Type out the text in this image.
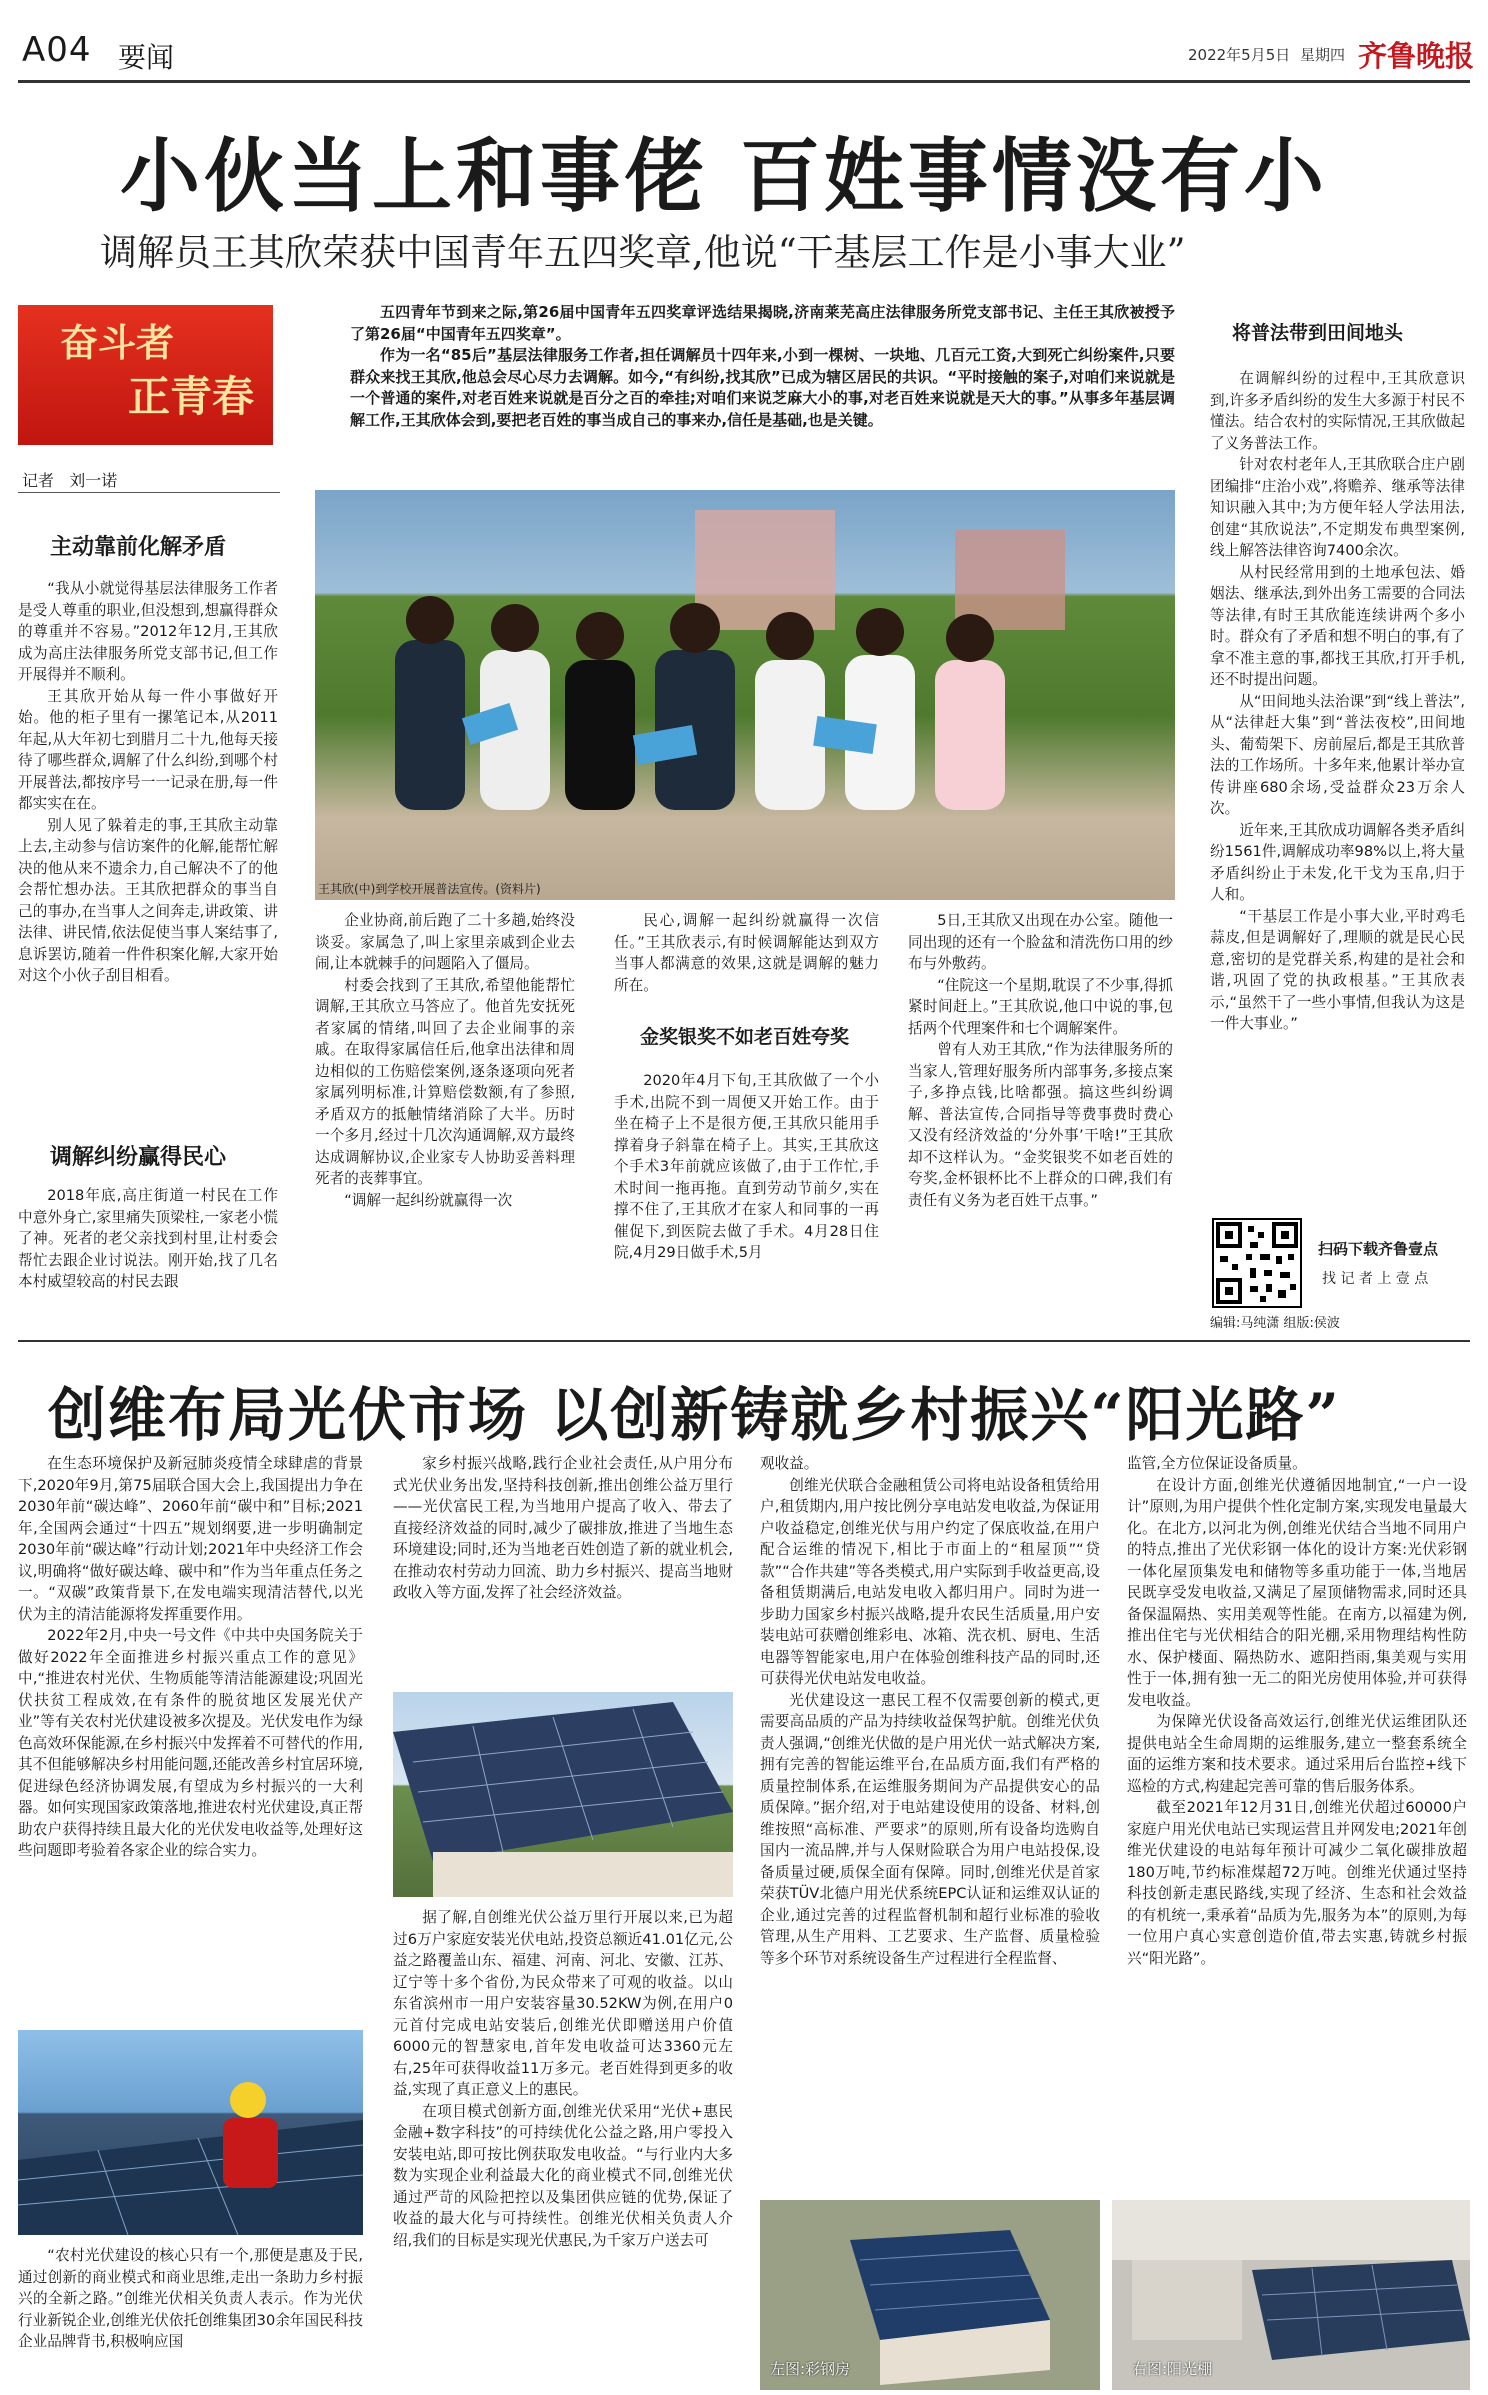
A04 要闻	2022年5月5日 星期四 齐鲁晚报
小伙当上和事佬 百姓事情没有小
调解员王其欣荣获中国青年五四奖章,他说“干基层工作是小事大业”
奋斗者
正青春
记者 刘一诺

五四青年节到来之际,第26届中国青年五四奖章评选结果揭晓,济南莱芜高庄法律服务所党支部书记、主任王其欣被授予了第26届“中国青年五四奖章”。

作为一名“85后”基层法律服务工作者,担任调解员十四年来,小到一棵树、一块地、几百元工资,大到死亡纠纷案件,只要群众来找王其欣,他总会尽心尽力去调解。如今,“有纠纷,找其欣”已成为辖区居民的共识。“平时接触的案子,对咱们来说就是一个普通的案件,对老百姓来说就是百分之百的牵挂;对咱们来说芝麻大小的事,对老百姓来说就是天大的事。”从事多年基层调解工作,王其欣体会到,要把老百姓的事当成自己的事来办,信任是基础,也是关键。

王其欣(中)到学校开展普法宣传。(资料片)
主动靠前化解矛盾

“我从小就觉得基层法律服务工作者是受人尊重的职业,但没想到,想赢得群众的尊重并不容易。”2012年12月,王其欣成为高庄法律服务所党支部书记,但工作开展得并不顺利。

王其欣开始从每一件小事做好开始。他的柜子里有一摞笔记本,从2011年起,从大年初七到腊月二十九,他每天接待了哪些群众,调解了什么纠纷,到哪个村开展普法,都按序号一一记录在册,每一件都实实在在。

别人见了躲着走的事,王其欣主动靠上去,主动参与信访案件的化解,能帮忙解决的他从来不遗余力,自己解决不了的他会帮忙想办法。王其欣把群众的事当自己的事办,在当事人之间奔走,讲政策、讲法律、讲民情,依法促使当事人案结事了,息诉罢访,随着一件件积案化解,大家开始对这个小伙子刮目相看。

调解纠纷赢得民心

2018年底,高庄街道一村民在工作中意外身亡,家里痛失顶梁柱,一家老小慌了神。死者的老父亲找到村里,让村委会帮忙去跟企业讨说法。刚开始,找了几名本村威望较高的村民去跟

企业协商,前后跑了二十多趟,始终没谈妥。家属急了,叫上家里亲戚到企业去闹,让本就棘手的问题陷入了僵局。

村委会找到了王其欣,希望他能帮忙调解,王其欣立马答应了。他首先安抚死者家属的情绪,叫回了去企业闹事的亲戚。在取得家属信任后,他拿出法律和周边相似的工伤赔偿案例,逐条逐项向死者家属列明标准,计算赔偿数额,有了参照,矛盾双方的抵触情绪消除了大半。历时一个多月,经过十几次沟通调解,双方最终达成调解协议,企业家专人协助妥善料理死者的丧葬事宜。

“调解一起纠纷就赢得一次

民心,调解一起纠纷就赢得一次信任。”王其欣表示,有时候调解能达到双方当事人都满意的效果,这就是调解的魅力所在。

金奖银奖不如老百姓夸奖

2020年4月下旬,王其欣做了一个小手术,出院不到一周便又开始工作。由于坐在椅子上不是很方便,王其欣只能用手撑着身子斜靠在椅子上。其实,王其欣这个手术3年前就应该做了,由于工作忙,手术时间一拖再拖。直到劳动节前夕,实在撑不住了,王其欣才在家人和同事的一再催促下,到医院去做了手术。4月28日住院,4月29日做手术,5月

5日,王其欣又出现在办公室。随他一同出现的还有一个脸盆和清洗伤口用的纱布与外敷药。

“住院这一个星期,耽误了不少事,得抓紧时间赶上。”王其欣说,他口中说的事,包括两个代理案件和七个调解案件。

曾有人劝王其欣,“作为法律服务所的当家人,管理好服务所内部事务,多接点案子,多挣点钱,比啥都强。搞这些纠纷调解、普法宣传,合同指导等费事费时费心又没有经济效益的‘分外事’干啥!”王其欣却不这样认为。“金奖银奖不如老百姓的夸奖,金杯银杯比不上群众的口碑,我们有责任有义务为老百姓干点事。”

将普法带到田间地头

在调解纠纷的过程中,王其欣意识到,许多矛盾纠纷的发生大多源于村民不懂法。结合农村的实际情况,王其欣做起了义务普法工作。

针对农村老年人,王其欣联合庄户剧团编排“庄治小戏”,将赡养、继承等法律知识融入其中;为方便年轻人学法用法,创建“其欣说法”,不定期发布典型案例,线上解答法律咨询7400余次。

从村民经常用到的土地承包法、婚姻法、继承法,到外出务工需要的合同法等法律,有时王其欣能连续讲两个多小时。群众有了矛盾和想不明白的事,有了拿不准主意的事,都找王其欣,打开手机,还不时提出问题。

从“田间地头法治课”到“线上普法”,从“法律赶大集”到“普法夜校”,田间地头、葡萄架下、房前屋后,都是王其欣普法的工作场所。十多年来,他累计举办宣传讲座680余场,受益群众23万余人次。

近年来,王其欣成功调解各类矛盾纠纷1561件,调解成功率98%以上,将大量矛盾纠纷止于未发,化干戈为玉帛,归于人和。

“干基层工作是小事大业,平时鸡毛蒜皮,但是调解好了,理顺的就是民心民意,密切的是党群关系,构建的是社会和谐,巩固了党的执政根基。”王其欣表示,“虽然干了一些小事情,但我认为这是一件大事业。”

扫码下载齐鲁壹点
找 记 者 上 壹 点
编辑:马纯潇 组版:侯波
创维布局光伏市场 以创新铸就乡村振兴“阳光路”

在生态环境保护及新冠肺炎疫情全球肆虐的背景下,2020年9月,第75届联合国大会上,我国提出力争在2030年前“碳达峰”、2060年前“碳中和”目标;2021年,全国两会通过“十四五”规划纲要,进一步明确制定2030年前“碳达峰”行动计划;2021年中央经济工作会议,明确将“做好碳达峰、碳中和”作为当年重点任务之一。“双碳”政策背景下,在发电端实现清洁替代,以光伏为主的清洁能源将发挥重要作用。

2022年2月,中央一号文件《中共中央国务院关于做好2022年全面推进乡村振兴重点工作的意见》中,“推进农村光伏、生物质能等清洁能源建设;巩固光伏扶贫工程成效,在有条件的脱贫地区发展光伏产业”等有关农村光伏建设被多次提及。光伏发电作为绿色高效环保能源,在乡村振兴中发挥着不可替代的作用,其不但能够解决乡村用能问题,还能改善乡村宜居环境,促进绿色经济协调发展,有望成为乡村振兴的一大利器。如何实现国家政策落地,推进农村光伏建设,真正帮助农户获得持续且最大化的光伏发电收益等,处理好这些问题即考验着各家企业的综合实力。

“农村光伏建设的核心只有一个,那便是惠及于民,通过创新的商业模式和商业思维,走出一条助力乡村振兴的全新之路。”创维光伏相关负责人表示。作为光伏行业新锐企业,创维光伏依托创维集团30余年国民科技企业品牌背书,积极响应国

家乡村振兴战略,践行企业社会责任,从户用分布式光伏业务出发,坚持科技创新,推出创维公益万里行——光伏富民工程,为当地用户提高了收入、带去了直接经济效益的同时,减少了碳排放,推进了当地生态环境建设;同时,还为当地老百姓创造了新的就业机会,在推动农村劳动力回流、助力乡村振兴、提高当地财政收入等方面,发挥了社会经济效益。

据了解,自创维光伏公益万里行开展以来,已为超过6万户家庭安装光伏电站,投资总额近41.01亿元,公益之路覆盖山东、福建、河南、河北、安徽、江苏、辽宁等十多个省份,为民众带来了可观的收益。以山东省滨州市一用户安装容量30.52KW为例,在用户0元首付完成电站安装后,创维光伏即赠送用户价值6000元的智慧家电,首年发电收益可达3360元左右,25年可获得收益11万多元。老百姓得到更多的收益,实现了真正意义上的惠民。

在项目模式创新方面,创维光伏采用“光伏+惠民金融+数字科技”的可持续优化公益之路,用户零投入安装电站,即可按比例获取发电收益。“与行业内大多数为实现企业利益最大化的商业模式不同,创维光伏通过严苛的风险把控以及集团供应链的优势,保证了收益的最大化与可持续性。创维光伏相关负责人介绍,我们的目标是实现光伏惠民,为千家万户送去可

观收益。

创维光伏联合金融租赁公司将电站设备租赁给用户,租赁期内,用户按比例分享电站发电收益,为保证用户收益稳定,创维光伏与用户约定了保底收益,在用户配合运维的情况下,相比于市面上的“租屋顶”“贷款”“合作共建”等各类模式,用户实际到手收益更高,设备租赁期满后,电站发电收入都归用户。同时为进一步助力国家乡村振兴战略,提升农民生活质量,用户安装电站可获赠创维彩电、冰箱、洗衣机、厨电、生活电器等智能家电,用户在体验创维科技产品的同时,还可获得光伏电站发电收益。

光伏建设这一惠民工程不仅需要创新的模式,更需要高品质的产品为持续收益保驾护航。创维光伏负责人强调,“创维光伏做的是户用光伏一站式解决方案,拥有完善的智能运维平台,在品质方面,我们有严格的质量控制体系,在运维服务期间为产品提供安心的品质保障。”据介绍,对于电站建设使用的设备、材料,创维按照“高标准、严要求”的原则,所有设备均选购自国内一流品牌,并与人保财险联合为用户电站投保,设备质量过硬,质保全面有保障。同时,创维光伏是首家荣获TÜV北德户用光伏系统EPC认证和运维双认证的企业,通过完善的过程监督机制和超行业标准的验收管理,从生产用料、工艺要求、生产监督、质量检验等多个环节对系统设备生产过程进行全程监督、

监管,全方位保证设备质量。

在设计方面,创维光伏遵循因地制宜,“一户一设计”原则,为用户提供个性化定制方案,实现发电量最大化。在北方,以河北为例,创维光伏结合当地不同用户的特点,推出了光伏彩钢一体化的设计方案:光伏彩钢一体化屋顶集发电和储物等多重功能于一体,当地居民既享受发电收益,又满足了屋顶储物需求,同时还具备保温隔热、实用美观等性能。在南方,以福建为例,推出住宅与光伏相结合的阳光棚,采用物理结构性防水、保护楼面、隔热防水、遮阳挡雨,集美观与实用性于一体,拥有独一无二的阳光房使用体验,并可获得发电收益。

为保障光伏设备高效运行,创维光伏运维团队还提供电站全生命周期的运维服务,建立一整套系统全面的运维方案和技术要求。通过采用后台监控+线下巡检的方式,构建起完善可靠的售后服务体系。

截至2021年12月31日,创维光伏超过60000户家庭户用光伏电站已实现运营且并网发电;2021年创维光伏建设的电站每年预计可减少二氧化碳排放超180万吨,节约标准煤超72万吨。创维光伏通过坚持科技创新走惠民路线,实现了经济、生态和社会效益的有机统一,秉承着“品质为先,服务为本”的原则,为每一位用户真心实意创造价值,带去实惠,铸就乡村振兴“阳光路”。

左图:彩钢房	右图:阳光棚
